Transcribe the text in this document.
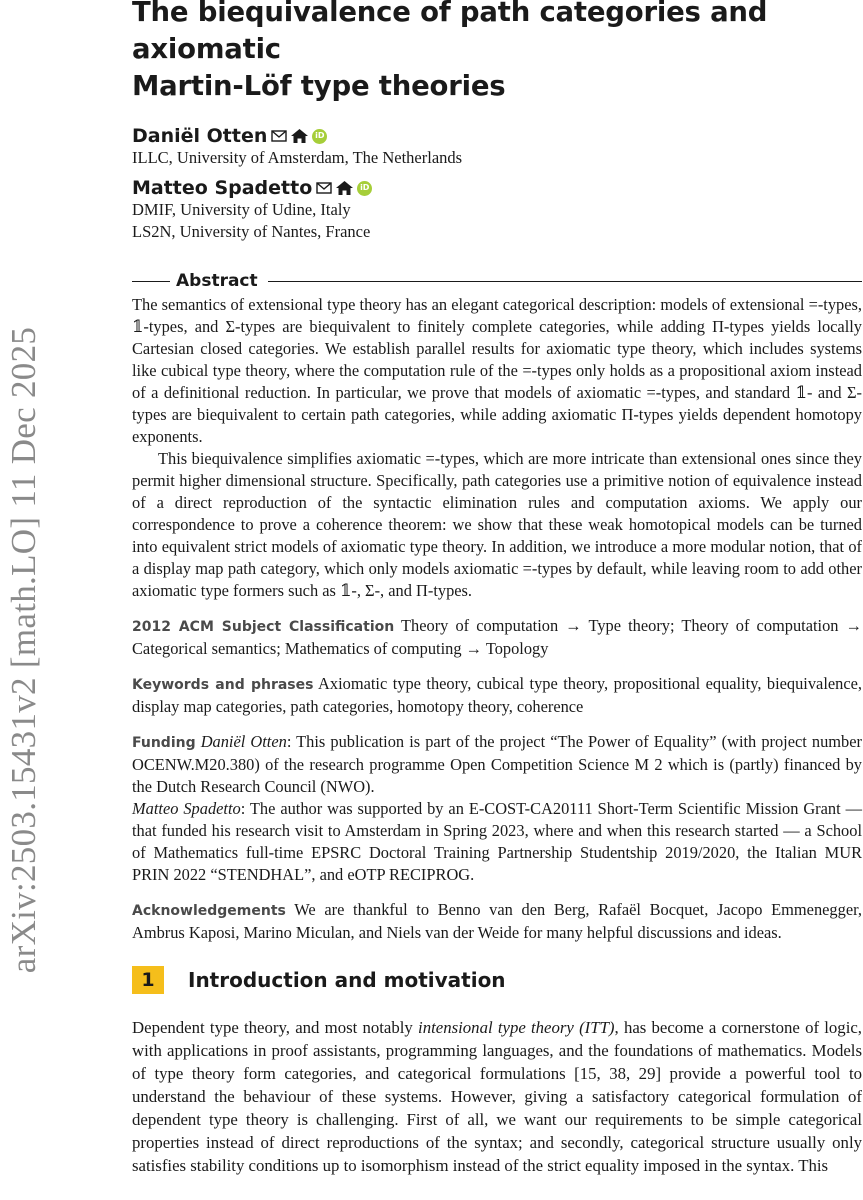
arXiv:2503.15431v2 [math.LO] 11 Dec 2025
The biequivalence of path categories and axiomatic
Martin-Löf type theories
Daniël Otten	iD
ILLC, University of Amsterdam, The Netherlands
Matteo Spadetto	iD
DMIF, University of Udine, Italy
LS2N, University of Nantes, France
Abstract

The semantics of extensional type theory has an elegant categorical description: models of extensional =-types, 𝟙-types, and Σ-types are biequivalent to finitely complete categories, while adding Π-types yields locally Cartesian closed categories. We establish parallel results for axiomatic type theory, which includes systems like cubical type theory, where the computation rule of the =-types only holds as a propositional axiom instead of a definitional reduction. In particular, we prove that models of axiomatic =-types, and standard 𝟙- and Σ-types are biequivalent to certain path categories, while adding axiomatic Π-types yields dependent homotopy exponents.

This biequivalence simplifies axiomatic =-types, which are more intricate than extensional ones since they permit higher dimensional structure. Specifically, path categories use a primitive notion of equivalence instead of a direct reproduction of the syntactic elimination rules and computation axioms. We apply our correspondence to prove a coherence theorem: we show that these weak homotopical models can be turned into equivalent strict models of axiomatic type theory. In addition, we introduce a more modular notion, that of a display map path category, which only models axiomatic =-types by default, while leaving room to add other axiomatic type formers such as 𝟙-, Σ-, and Π-types.

2012 ACM Subject Classification Theory of computation → Type theory; Theory of computation → Categorical semantics; Mathematics of computing → Topology

Keywords and phrases Axiomatic type theory, cubical type theory, propositional equality, biequivalence, display map categories, path categories, homotopy theory, coherence

Funding Daniël Otten: This publication is part of the project “The Power of Equality” (with project number OCENW.M20.380) of the research programme Open Competition Science M 2 which is (partly) financed by the Dutch Research Council (NWO).

Matteo Spadetto: The author was supported by an E-COST-CA20111 Short-Term Scientific Mission Grant — that funded his research visit to Amsterdam in Spring 2023, where and when this research started — a School of Mathematics full-time EPSRC Doctoral Training Partnership Studentship 2019/2020, the Italian MUR PRIN 2022 “STENDHAL”, and eOTP RECIPROG.

Acknowledgements We are thankful to Benno van den Berg, Rafaël Bocquet, Jacopo Emmenegger, Ambrus Kaposi, Marino Miculan, and Niels van der Weide for many helpful discussions and ideas.

1	Introduction and motivation

Dependent type theory, and most notably intensional type theory (ITT), has become a cornerstone of logic, with applications in proof assistants, programming languages, and the foundations of mathematics. Models of type theory form categories, and categorical formulations [15, 38, 29] provide a powerful tool to understand the behaviour of these systems. However, giving a satisfactory categorical formulation of dependent type theory is challenging. First of all, we want our requirements to be simple categorical properties instead of direct reproductions of the syntax; and secondly, categorical structure usually only satisfies stability conditions up to isomorphism instead of the strict equality imposed in the syntax. This
